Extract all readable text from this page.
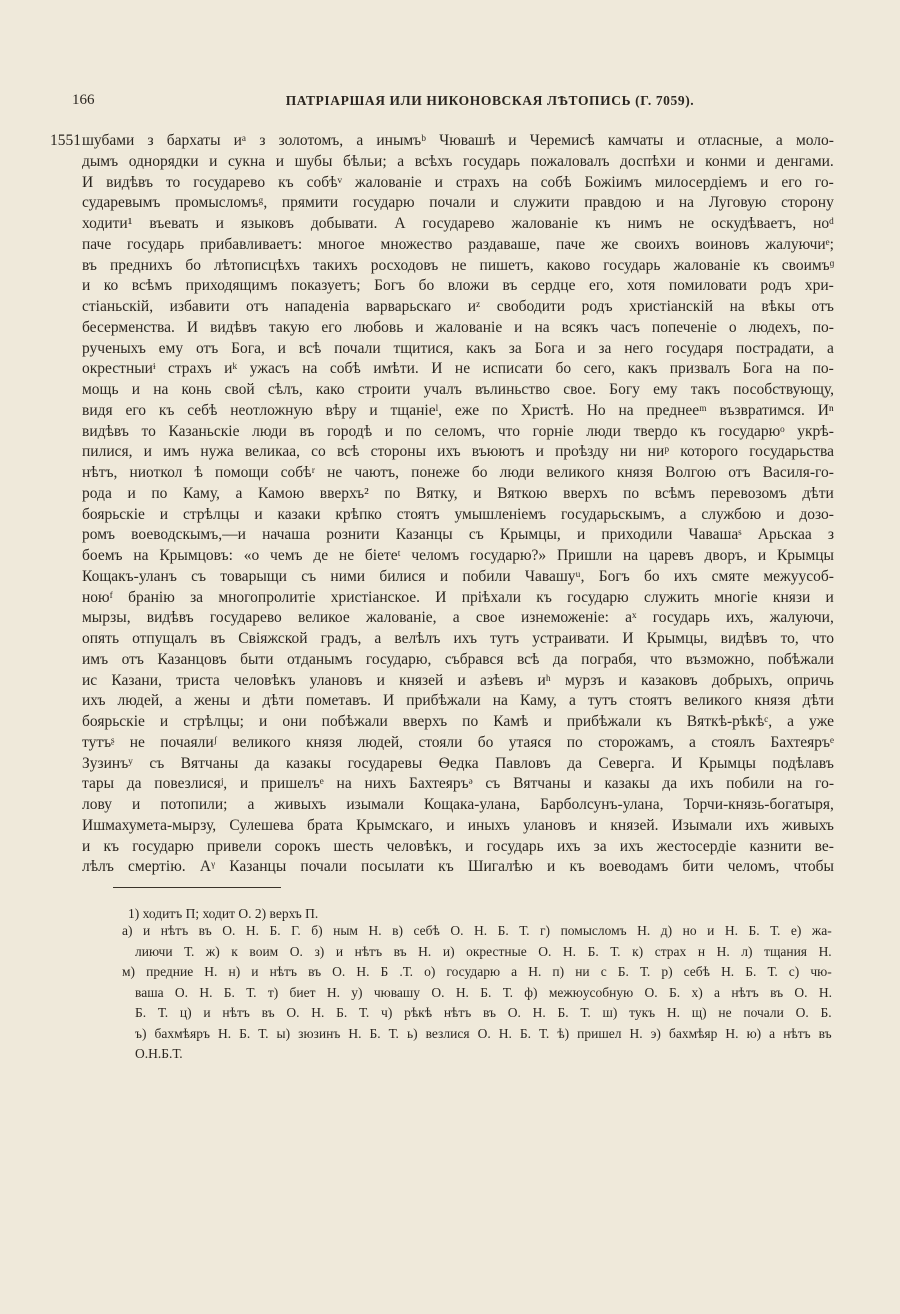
166	ПАТРІАРШАЯ ИЛИ НИКОНОВСКАЯ ЛѢТОПИСЬ (Г. 7059).
1551 шубами з бархаты иᵃ з золотомъ, а инымъᵇ Чювашѣ и Черемисѣ камчаты и отласные, а моло-
дымъ однорядки и сукна и шубы бѣльи; а всѣхъ государь пожаловалъ доспѣхи и конми и денгами.
И видѣвъ то государево къ собѣᵛ жалованіе и страхъ на собѣ Божіимъ милосердіемъ и его го-
сударевымъ промысломъᵍ, прямити государю почали и служити правдою и на Луговую сторону
ходити¹ въевать и языковъ добывати. А государево жалованіе къ нимъ не оскудѣваетъ, ноᵈ
паче государь прибавливаетъ: многое множество раздаваше, паче же своихъ воиновъ жалуючиᵉ;
въ преднихъ бо лѣтописцѣхъ такихъ росходовъ не пишетъ, каково государь жалованіе къ своимъᶢ
и ко всѣмъ приходящимъ показуетъ; Богъ бо вложи въ сердце его, хотя помиловати родъ хри-
стіаньскій, избавити отъ нападенiа варварьскаго иᶻ свободити родъ христіанскій на вѣкы отъ
бесерменства. И видѣвъ такую его любовь и жалованіе и на всякъ часъ попеченіе о людехъ, по-
рученыхъ ему отъ Бога, и всѣ почали тщитися, какъ за Бога и за него государя пострадати, а
окрестныиᶤ страхъ иᵏ ужасъ на собѣ имѣти. И не исписати бо сего, какъ призвалъ Бога на по-
мощь и на конь свой сѣлъ, како строити учалъ вълиньство свое. Богу ему такъ пособствующу,
видя его къ себѣ неотложную вѣру и тщаніеˡ, еже по Христѣ. Но на преднееᵐ възвратимся. Иⁿ
видѣвъ то Казаньскiе люди въ городѣ и по селомъ, что горніе люди твердо къ государюᵒ укрѣ-
пилися, и имъ нужа великаа, со всѣ стороны ихъ въюютъ и проѣзду ни ниᵖ которого государьства
нѣтъ, ниоткол ѣ помощи собѣʳ не чаютъ, понеже бо люди великого князя Волгою отъ Василя-го-
рода и по Каму, а Камою вверхъ² по Вятку, и Вяткою вверхъ по всѣмъ перевозомъ дѣти
боярьскiе и стрѣлцы и казаки крѣпко стоятъ умышленiемъ государьскымъ, а службою и дозо-
ромъ воеводскымъ,—и начаша рознити Казанцы съ Крымцы, и приходили Чавашаˢ Арьскаа з
боемъ на Крымцовъ: «о чемъ де не біетеᵗ челомъ государю?» Пришли на царевъ дворъ, и Крымцы
Кощакъ-уланъ съ товарыщи съ ними билися и побили Чавашуᵘ, Богъ бо ихъ смяте межуусоб-
ноюᶠ бранiю за многопролитiе христіанское. И прiѣхали къ государю служить многiе князи и
мырзы, видѣвъ государево великое жалованіе, а свое изнеможеніе: аˣ государь ихъ, жалуючи,
опять отпущалъ въ Свiяжской градъ, а велѣлъ ихъ тутъ устраивати. И Крымцы, видѣвъ то, что
имъ отъ Казанцовъ быти отданымъ государю, събрався всѣ да пограбя, что възможно, побѣжали
ис Казани, триста человѣкъ улановъ и князей и азѣевъ иʰ мурзъ и казаковъ добрыхъ, опричь
ихъ людей, а жены и дѣти пометавъ. И прибѣжали на Каму, а тутъ стоятъ великого князя дѣти
боярьскiе и стрѣлцы; и они побѣжали вверхъ по Камѣ и прибѣжали къ Вяткѣ-рѣкѣᶜ, а уже
тутъᶳ не почаялиᶴ великого князя людей, стояли бо утаяся по сторожамъ, а стоялъ Бахтеяръᵉ
Зузинъʸ съ Вятчаны да казакы государевы Ѳедка Павловъ да Северга. И Крымцы подѣлавъ
тары да повезлисяʲ, и пришелъᵉ на нихъ Бахтеяръᵊ съ Вятчаны и казакы да ихъ побили на го-
лову и потопили; а живыхъ изымали Кощака-улана, Барболсунъ-улана, Торчи-князь-богатыря,
Ишмахумета-мырзу, Сулешева брата Крымскаго, и иныхъ улановъ и князей. Изымали ихъ живыхъ
и къ государю привели сорокъ шесть человѣкъ, и государь ихъ за ихъ жестосердiе казнити ве-
лѣлъ смертiю. Аᵞ Казанцы почали посылати къ Шигалѣю и къ воеводамъ бити челомъ, чтобы
1) ходитъ П; ходит О. 2) верхъ П.
а) и нѣтъ въ О. Н. Б. Г. б) ным Н. в) себѣ О. Н. Б. Т. г) помысломъ Н. д) но и Н. Б. Т. е) жа-
лиючи Т. ж) к воим О. з) и нѣтъ въ Н. и) окрестные О. Н. Б. Т. к) страх н Н. л) тщания Н.
м) предние Н. н) и нѣтъ въ О. Н. Б .Т. о) государю а Н. п) ни с Б. Т. р) себѣ Н. Б. Т. с) чю-
ваша О. Н. Б. Т. т) биет Н. у) чювашу О. Н. Б. Т. ф) межюусобную О. Б. х) а нѣтъ въ О. Н.
Б. Т. ц) и нѣтъ въ О. Н. Б. Т. ч) рѣкѣ нѣтъ въ О. Н. Б. Т. ш) тукъ Н. щ) не почали О. Б.
ъ) бахмѣяръ Н. Б. Т. ы) зюзинъ Н. Б. Т. ь) везлися О. Н. Б. Т. ѣ) пришел Н. э) бахмѣяр Н. ю) а нѣтъ въ
О. Н. Б. Т.
